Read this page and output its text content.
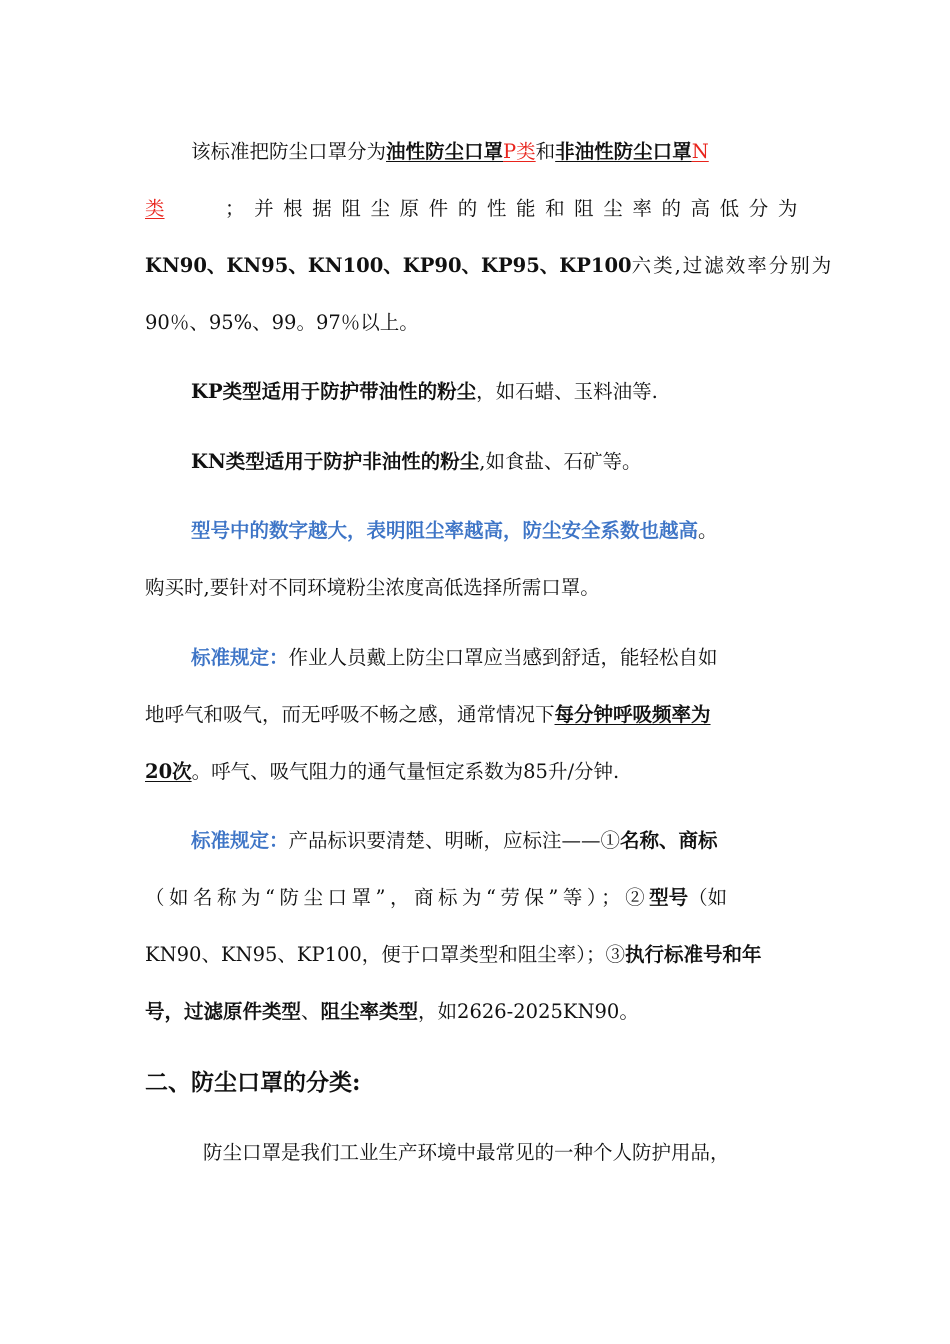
该标准把防尘口罩分为油性防尘口罩P类和非油性防尘口罩N
类	；并根据阻尘原件的性能和阻尘率的高低分为
KN90、KN95、KN100、KP90、KP95、KP100六类,过滤效率分别为
90％、95%、99。97％以上。
KP类型适用于防护带油性的粉尘，如石蜡、玉料油等.
KN类型适用于防护非油性的粉尘,如食盐、石矿等。
型号中的数字越大，表明阻尘率越高，防尘安全系数也越高。
购买时,要针对不同环境粉尘浓度高低选择所需口罩。
标准规定：作业人员戴上防尘口罩应当感到舒适，能轻松自如
地呼气和吸气，而无呼吸不畅之感，通常情况下每分钟呼吸频率为
20次。呼气、吸气阻力的通气量恒定系数为85升/分钟.
标准规定：产品标识要清楚、明晰，应标注——①名称、商标
（如名称为“防尘口罩”，商标为“劳保”等）；②型号（如
KN90、KN95、KP100，便于口罩类型和阻尘率）；③执行标准号和年
号，过滤原件类型、阻尘率类型，如2626-2025KN90。
二、防尘口罩的分类:
防尘口罩是我们工业生产环境中最常见的一种个人防护用品，
